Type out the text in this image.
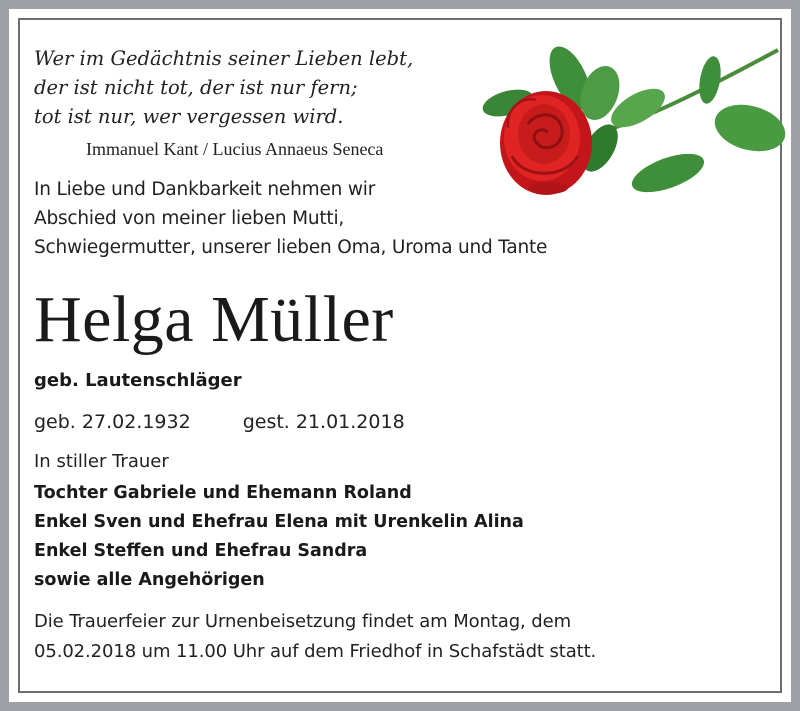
Wer im Gedächtnis seiner Lieben lebt,
der ist nicht tot, der ist nur fern;
tot ist nur, wer vergessen wird.
Immanuel Kant / Lucius Annaeus Seneca
In Liebe und Dankbarkeit nehmen wir
Abschied von meiner lieben Mutti,
Schwiegermutter, unserer lieben Oma, Uroma und Tante
Helga Müller
geb. Lautenschläger
geb. 27.02.1932	gest. 21.01.2018
In stiller Trauer
Tochter Gabriele und Ehemann Roland
Enkel Sven und Ehefrau Elena mit Urenkelin Alina
Enkel Steffen und Ehefrau Sandra
sowie alle Angehörigen
Die Trauerfeier zur Urnenbeisetzung findet am Montag, dem
05.02.2018 um 11.00 Uhr auf dem Friedhof in Schafstädt statt.
